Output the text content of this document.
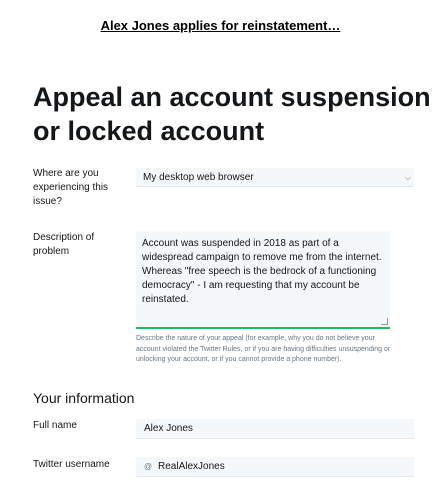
Alex Jones applies for reinstatement…
Appeal an account suspension or locked account
Where are you experiencing this issue?
My desktop web browser	⌵
Description of problem
Account was suspended in 2018 as part of a widespread campaign to remove me from the internet. Whereas "free speech is the bedrock of a functioning democracy" - I am requesting that my account be reinstated.
Describe the nature of your appeal (for example, why you do not believe your account violated the Twitter Rules, or if you are having difficulties unsuspending or unlocking your account, or if you cannot provide a phone number).
Your information
Full name	Alex Jones
Twitter username	@ RealAlexJones
